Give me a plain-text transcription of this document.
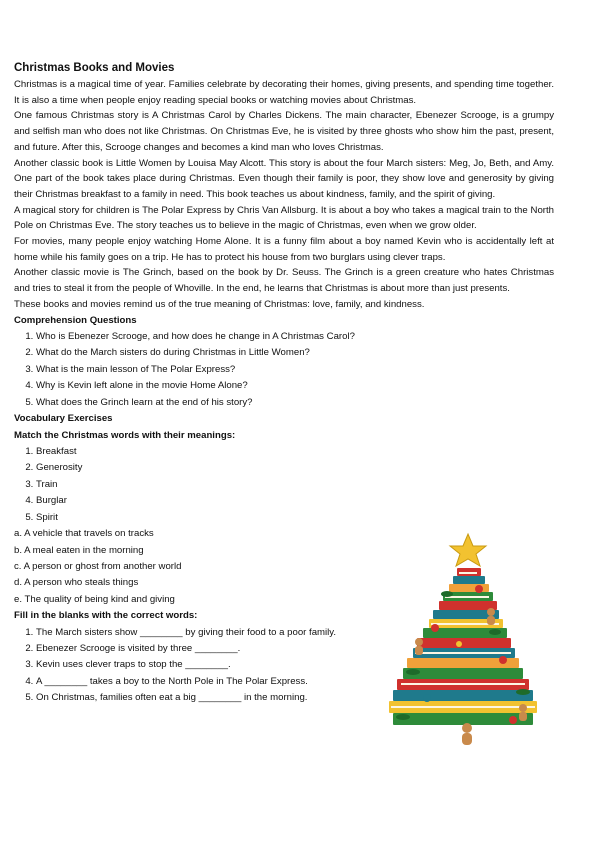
Christmas Books and Movies

Christmas is a magical time of year. Families celebrate by decorating their homes, giving presents, and spending time together. It is also a time when people enjoy reading special books or watching movies about Christmas.

One famous Christmas story is A Christmas Carol by Charles Dickens. The main character, Ebenezer Scrooge, is a grumpy and selfish man who does not like Christmas. On Christmas Eve, he is visited by three ghosts who show him the past, present, and future. After this, Scrooge changes and becomes a kind man who loves Christmas.

Another classic book is Little Women by Louisa May Alcott. This story is about the four March sisters: Meg, Jo, Beth, and Amy. One part of the book takes place during Christmas. Even though their family is poor, they show love and generosity by giving their Christmas breakfast to a family in need. This book teaches us about kindness, family, and the spirit of giving.

A magical story for children is The Polar Express by Chris Van Allsburg. It is about a boy who takes a magical train to the North Pole on Christmas Eve. The story teaches us to believe in the magic of Christmas, even when we grow older.

For movies, many people enjoy watching Home Alone. It is a funny film about a boy named Kevin who is accidentally left at home while his family goes on a trip. He has to protect his house from two burglars using clever traps.

Another classic movie is The Grinch, based on the book by Dr. Seuss. The Grinch is a green creature who hates Christmas and tries to steal it from the people of Whoville. In the end, he learns that Christmas is about more than just presents.

These books and movies remind us of the true meaning of Christmas: love, family, and kindness.

Comprehension Questions
1. Who is Ebenezer Scrooge, and how does he change in A Christmas Carol?
2. What do the March sisters do during Christmas in Little Women?
3. What is the main lesson of The Polar Express?
4. Why is Kevin left alone in the movie Home Alone?
5. What does the Grinch learn at the end of his story?
Vocabulary Exercises
Match the Christmas words with their meanings:
1. Breakfast
2. Generosity
3. Train
4. Burglar
5. Spirit
a. A vehicle that travels on tracks
b. A meal eaten in the morning
c. A person or ghost from another world
d. A person who steals things
e. The quality of being kind and giving
Fill in the blanks with the correct words:
1. The March sisters show ________ by giving their food to a poor family.
2. Ebenezer Scrooge is visited by three ________.
3. Kevin uses clever traps to stop the ________.
4. A ________ takes a boy to the North Pole in The Polar Express.
5. On Christmas, families often eat a big ________ in the morning.
